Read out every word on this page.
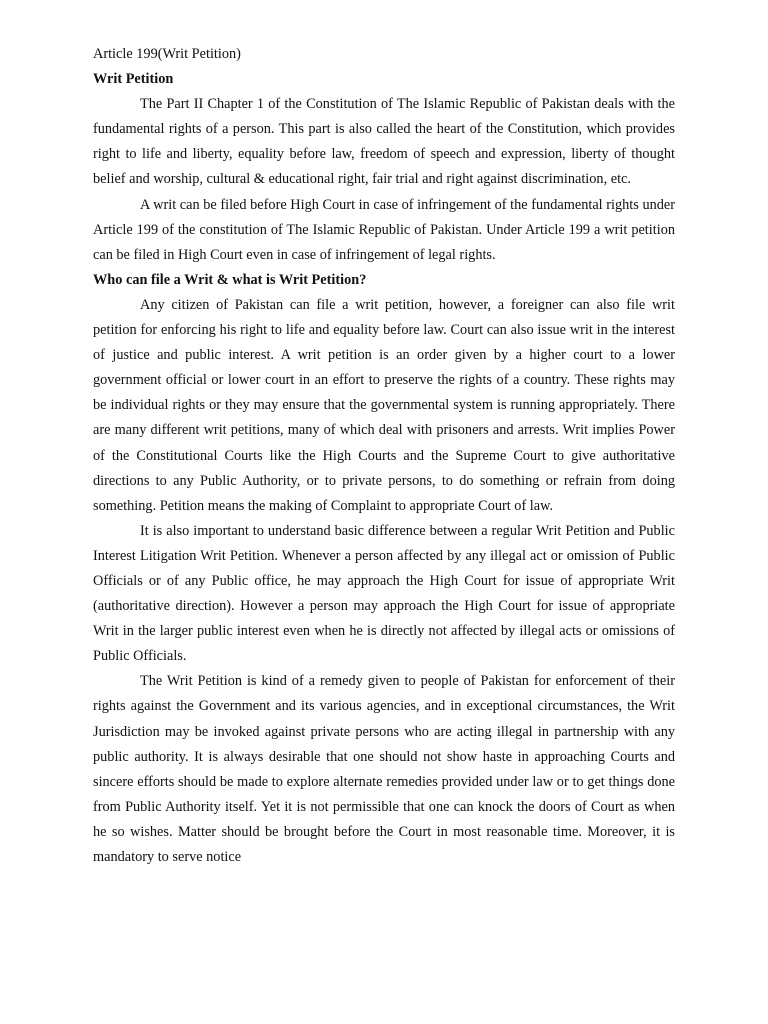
Article 199(Writ Petition)

Writ Petition

The Part II Chapter 1 of the Constitution of The Islamic Republic of Pakistan deals with the fundamental rights of a person. This part is also called the heart of the Constitution, which provides right to life and liberty, equality before law, freedom of speech and expression, liberty of thought belief and worship, cultural & educational right, fair trial and right against discrimination, etc.

A writ can be filed before High Court in case of infringement of the fundamental rights under Article 199 of the constitution of The Islamic Republic of Pakistan. Under Article 199 a writ petition can be filed in High Court even in case of infringement of legal rights.

Who can file a Writ & what is Writ Petition?

Any citizen of Pakistan can file a writ petition, however, a foreigner can also file writ petition for enforcing his right to life and equality before law. Court can also issue writ in the interest of justice and public interest. A writ petition is an order given by a higher court to a lower government official or lower court in an effort to preserve the rights of a country. These rights may be individual rights or they may ensure that the governmental system is running appropriately. There are many different writ petitions, many of which deal with prisoners and arrests. Writ implies Power of the Constitutional Courts like the High Courts and the Supreme Court to give authoritative directions to any Public Authority, or to private persons, to do something or refrain from doing something. Petition means the making of Complaint to appropriate Court of law.

It is also important to understand basic difference between a regular Writ Petition and Public Interest Litigation Writ Petition. Whenever a person affected by any illegal act or omission of Public Officials or of any Public office, he may approach the High Court for issue of appropriate Writ (authoritative direction). However a person may approach the High Court for issue of appropriate Writ in the larger public interest even when he is directly not affected by illegal acts or omissions of Public Officials.

The Writ Petition is kind of a remedy given to people of Pakistan for enforcement of their rights against the Government and its various agencies, and in exceptional circumstances, the Writ Jurisdiction may be invoked against private persons who are acting illegal in partnership with any public authority. It is always desirable that one should not show haste in approaching Courts and sincere efforts should be made to explore alternate remedies provided under law or to get things done from Public Authority itself. Yet it is not permissible that one can knock the doors of Court as when he so wishes. Matter should be brought before the Court in most reasonable time. Moreover, it is mandatory to serve notice
